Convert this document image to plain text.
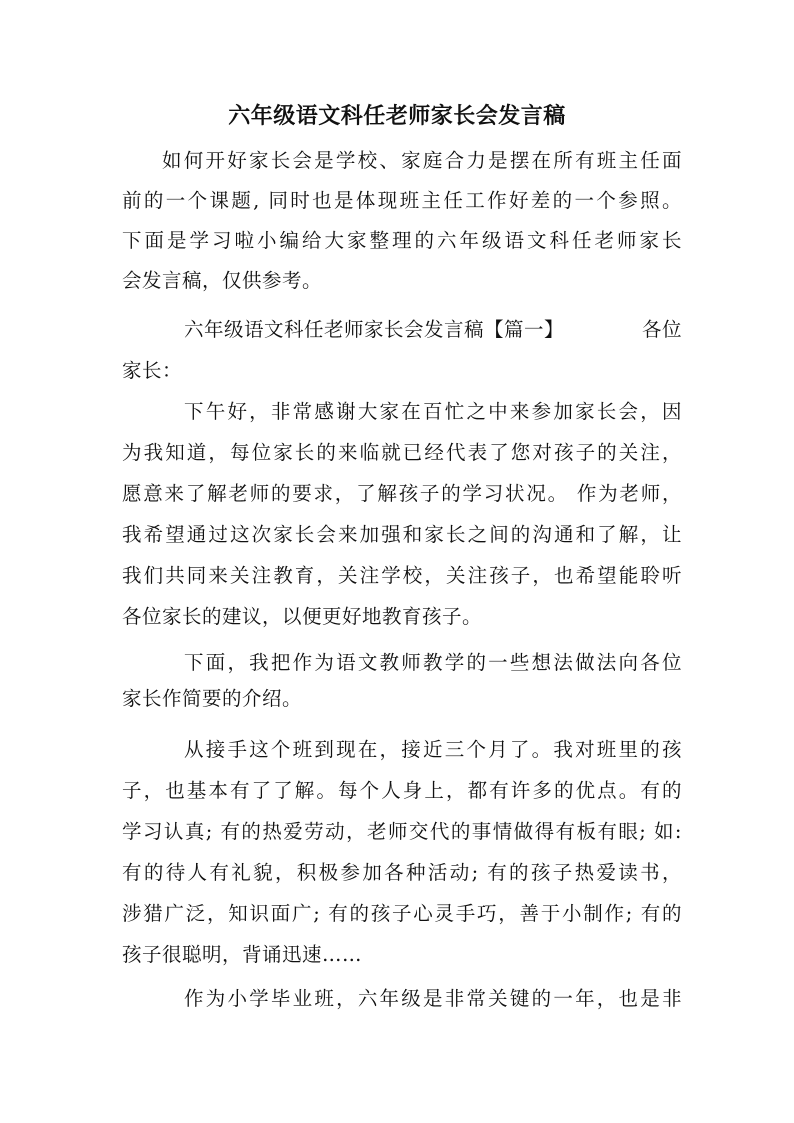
六年级语文科任老师家长会发言稿
如何开好家长会是学校、家庭合力是摆在所有班主任面
前的一个课题, 同时也是体现班主任工作好差的一个参照。
下面是学习啦小编给大家整理的六年级语文科任老师家长
会发言稿，仅供参考。
六年级语文科任老师家长会发言稿【篇一】	各位
家长：
下午好，非常感谢大家在百忙之中来参加家长会，因
为我知道，每位家长的来临就已经代表了您对孩子的关注，
愿意来了解老师的要求，了解孩子的学习状况。 作为老师，
我希望通过这次家长会来加强和家长之间的沟通和了解，让
我们共同来关注教育，关注学校，关注孩子，也希望能聆听
各位家长的建议，以便更好地教育孩子。
下面，我把作为语文教师教学的一些想法做法向各位
家长作简要的介绍。
从接手这个班到现在，接近三个月了。我对班里的孩
子，也基本有了了解。每个人身上，都有许多的优点。有的
学习认真; 有的热爱劳动，老师交代的事情做得有板有眼; 如:
有的待人有礼貌，积极参加各种活动; 有的孩子热爱读书，
涉猎广泛，知识面广; 有的孩子心灵手巧，善于小制作; 有的
孩子很聪明，背诵迅速……
作为小学毕业班，六年级是非常关键的一年，也是非
